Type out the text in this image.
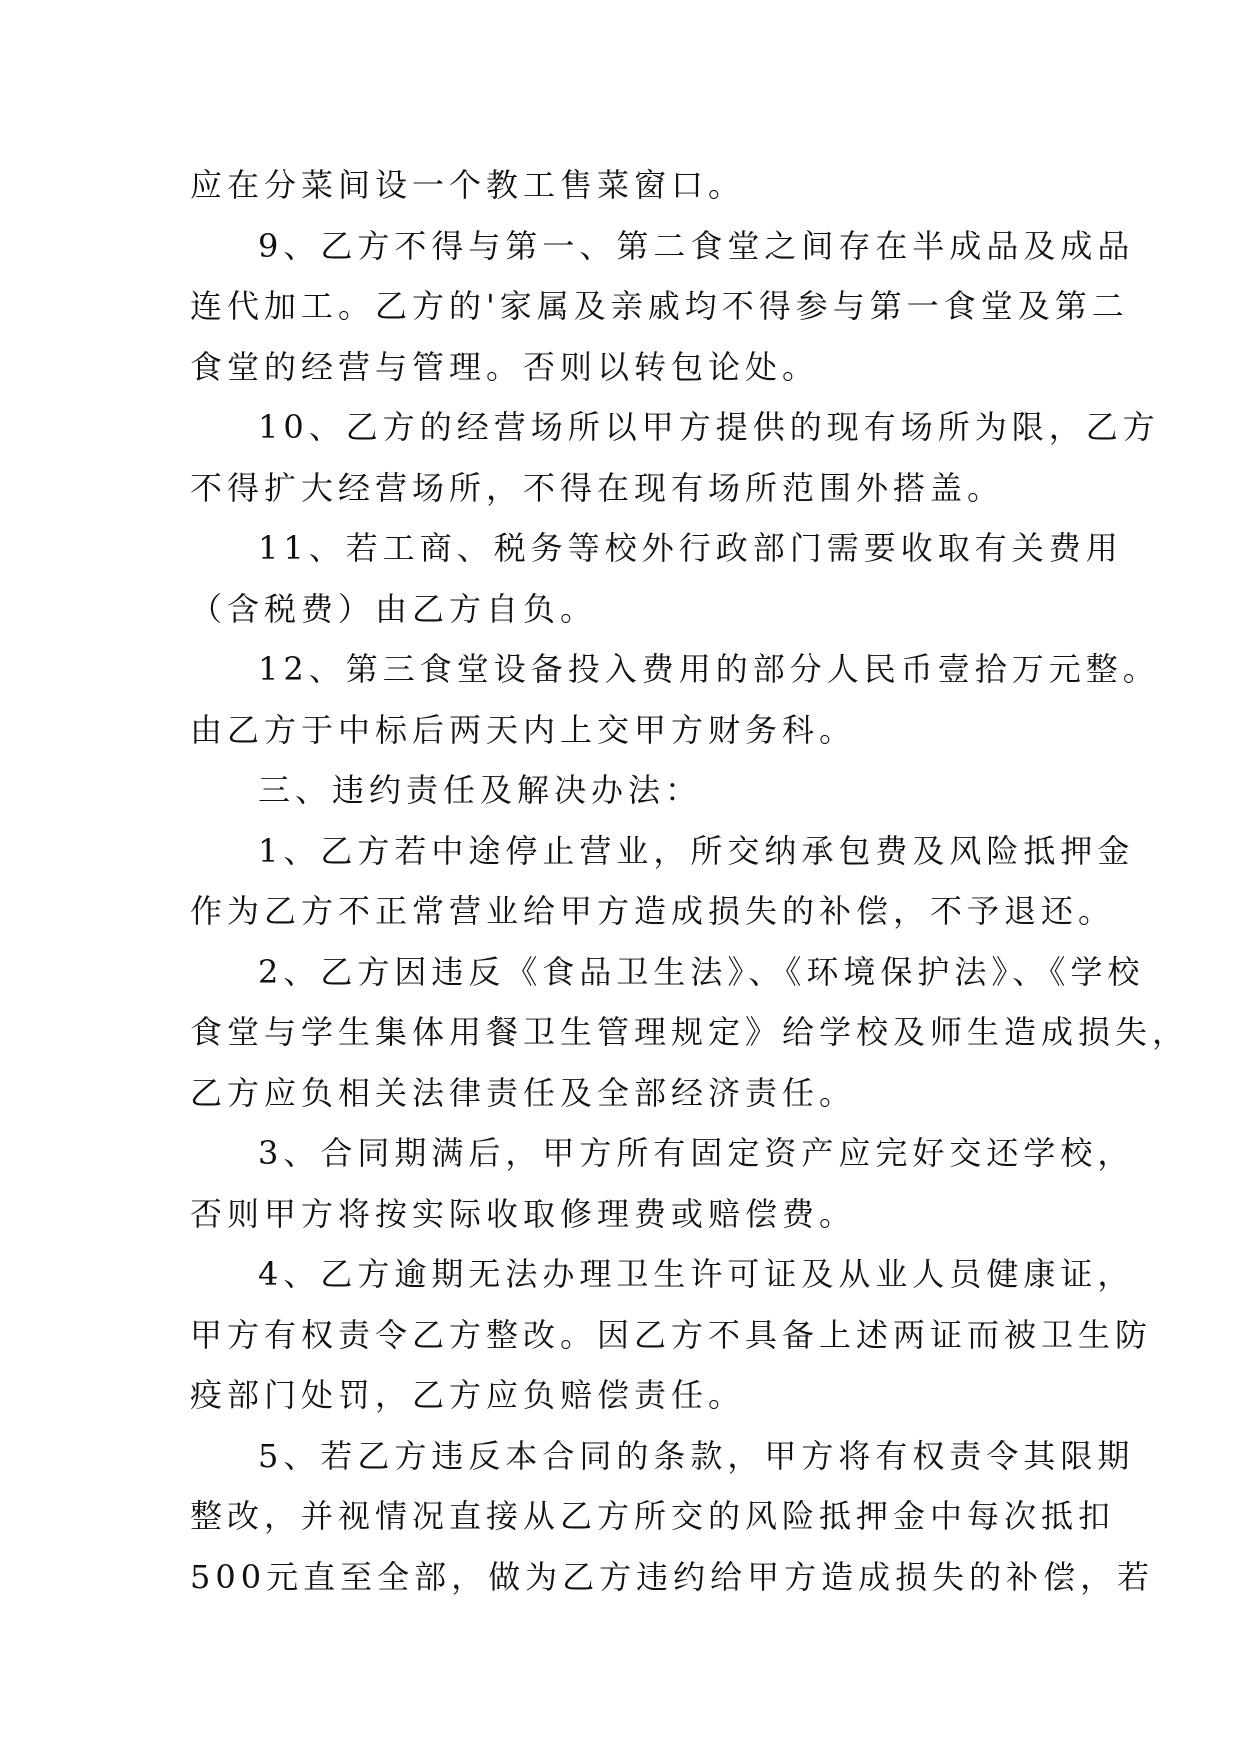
应在分菜间设一个教工售菜窗口。
9、乙方不得与第一、第二食堂之间存在半成品及成品
连代加工。乙方的'家属及亲戚均不得参与第一食堂及第二
食堂的经营与管理。否则以转包论处。
10、乙方的经营场所以甲方提供的现有场所为限，乙方
不得扩大经营场所，不得在现有场所范围外搭盖。
11、若工商、税务等校外行政部门需要收取有关费用
（含税费）由乙方自负。
12、第三食堂设备投入费用的部分人民币壹拾万元整。
由乙方于中标后两天内上交甲方财务科。
三、违约责任及解决办法：
1、乙方若中途停止营业，所交纳承包费及风险抵押金
作为乙方不正常营业给甲方造成损失的补偿，不予退还。
2、乙方因违反《食品卫生法》、《环境保护法》、《学校
食堂与学生集体用餐卫生管理规定》给学校及师生造成损失，
乙方应负相关法律责任及全部经济责任。
3、合同期满后，甲方所有固定资产应完好交还学校，
否则甲方将按实际收取修理费或赔偿费。
4、乙方逾期无法办理卫生许可证及从业人员健康证，
甲方有权责令乙方整改。因乙方不具备上述两证而被卫生防
疫部门处罚，乙方应负赔偿责任。
5、若乙方违反本合同的条款，甲方将有权责令其限期
整改，并视情况直接从乙方所交的风险抵押金中每次抵扣
500元直至全部，做为乙方违约给甲方造成损失的补偿，若
